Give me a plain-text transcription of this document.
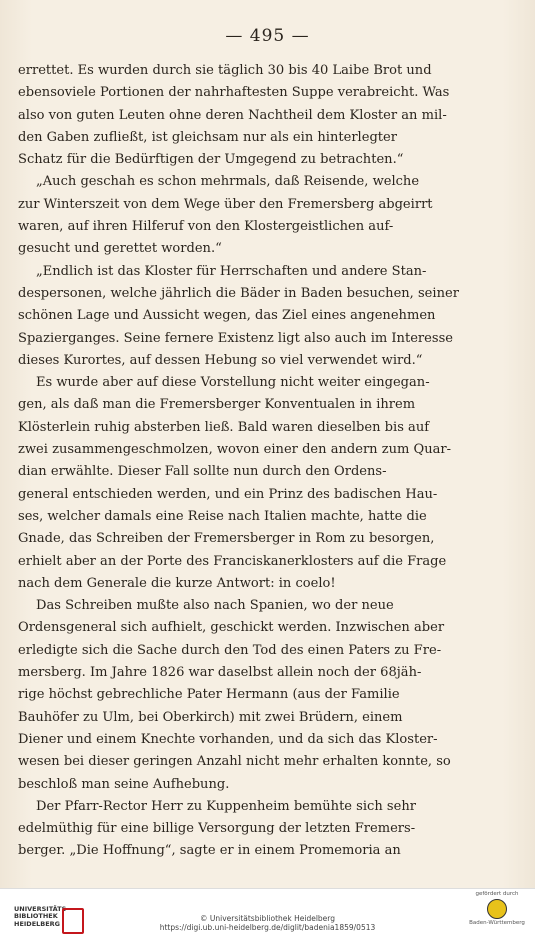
— 495 —
errettet. Es wurden durch sie täglich 30 bis 40 Laibe Brot und
ebensoviele Portionen der nahrhaftesten Suppe verabreicht. Was
also von guten Leuten ohne deren Nachtheil dem Kloster an mil-
den Gaben zufließt, ist gleichsam nur als ein hinterlegter
Schatz für die Bedürftigen der Umgegend zu betrachten.“
„Auch geschah es schon mehrmals, daß Reisende, welche
zur Winterszeit von dem Wege über den Fremersberg abgeirrt
waren, auf ihren Hilferuf von den Klostergeistlichen auf-
gesucht und gerettet worden.“
„Endlich ist das Kloster für Herrschaften und andere Stan-
despersonen, welche jährlich die Bäder in Baden besuchen, seiner
schönen Lage und Aussicht wegen, das Ziel eines angenehmen
Spazierganges. Seine fernere Existenz ligt also auch im Interesse
dieses Kurortes, auf dessen Hebung so viel verwendet wird.“
Es wurde aber auf diese Vorstellung nicht weiter eingegan-
gen, als daß man die Fremersberger Konventualen in ihrem
Klösterlein ruhig absterben ließ. Bald waren dieselben bis auf
zwei zusammengeschmolzen, wovon einer den andern zum Quar-
dian erwählte. Dieser Fall sollte nun durch den Ordens-
general entschieden werden, und ein Prinz des badischen Hau-
ses, welcher damals eine Reise nach Italien machte, hatte die
Gnade, das Schreiben der Fremersberger in Rom zu besorgen,
erhielt aber an der Porte des Franciskanerklosters auf die Frage
nach dem Generale die kurze Antwort: in coelo!
Das Schreiben mußte also nach Spanien, wo der neue
Ordensgeneral sich aufhielt, geschickt werden. Inzwischen aber
erledigte sich die Sache durch den Tod des einen Paters zu Fre-
mersberg. Im Jahre 1826 war daselbst allein noch der 68jäh-
rige höchst gebrechliche Pater Hermann (aus der Familie
Bauhöfer zu Ulm, bei Oberkirch) mit zwei Brüdern, einem
Diener und einem Knechte vorhanden, und da sich das Kloster-
wesen bei dieser geringen Anzahl nicht mehr erhalten konnte, so
beschloß man seine Aufhebung.
Der Pfarr-Rector Herr zu Kuppenheim bemühte sich sehr
edelmüthig für eine billige Versorgung der letzten Fremers-
berger. „Die Hoffnung“, sagte er in einem Promemoria an
UNIVERSITÄTS-
BIBLIOTHEK
HEIDELBERG
© Universitätsbibliothek Heidelberg
https://digi.ub.uni-heidelberg.de/diglit/badenia1859/0513
gefördert durch
Baden-Württemberg
